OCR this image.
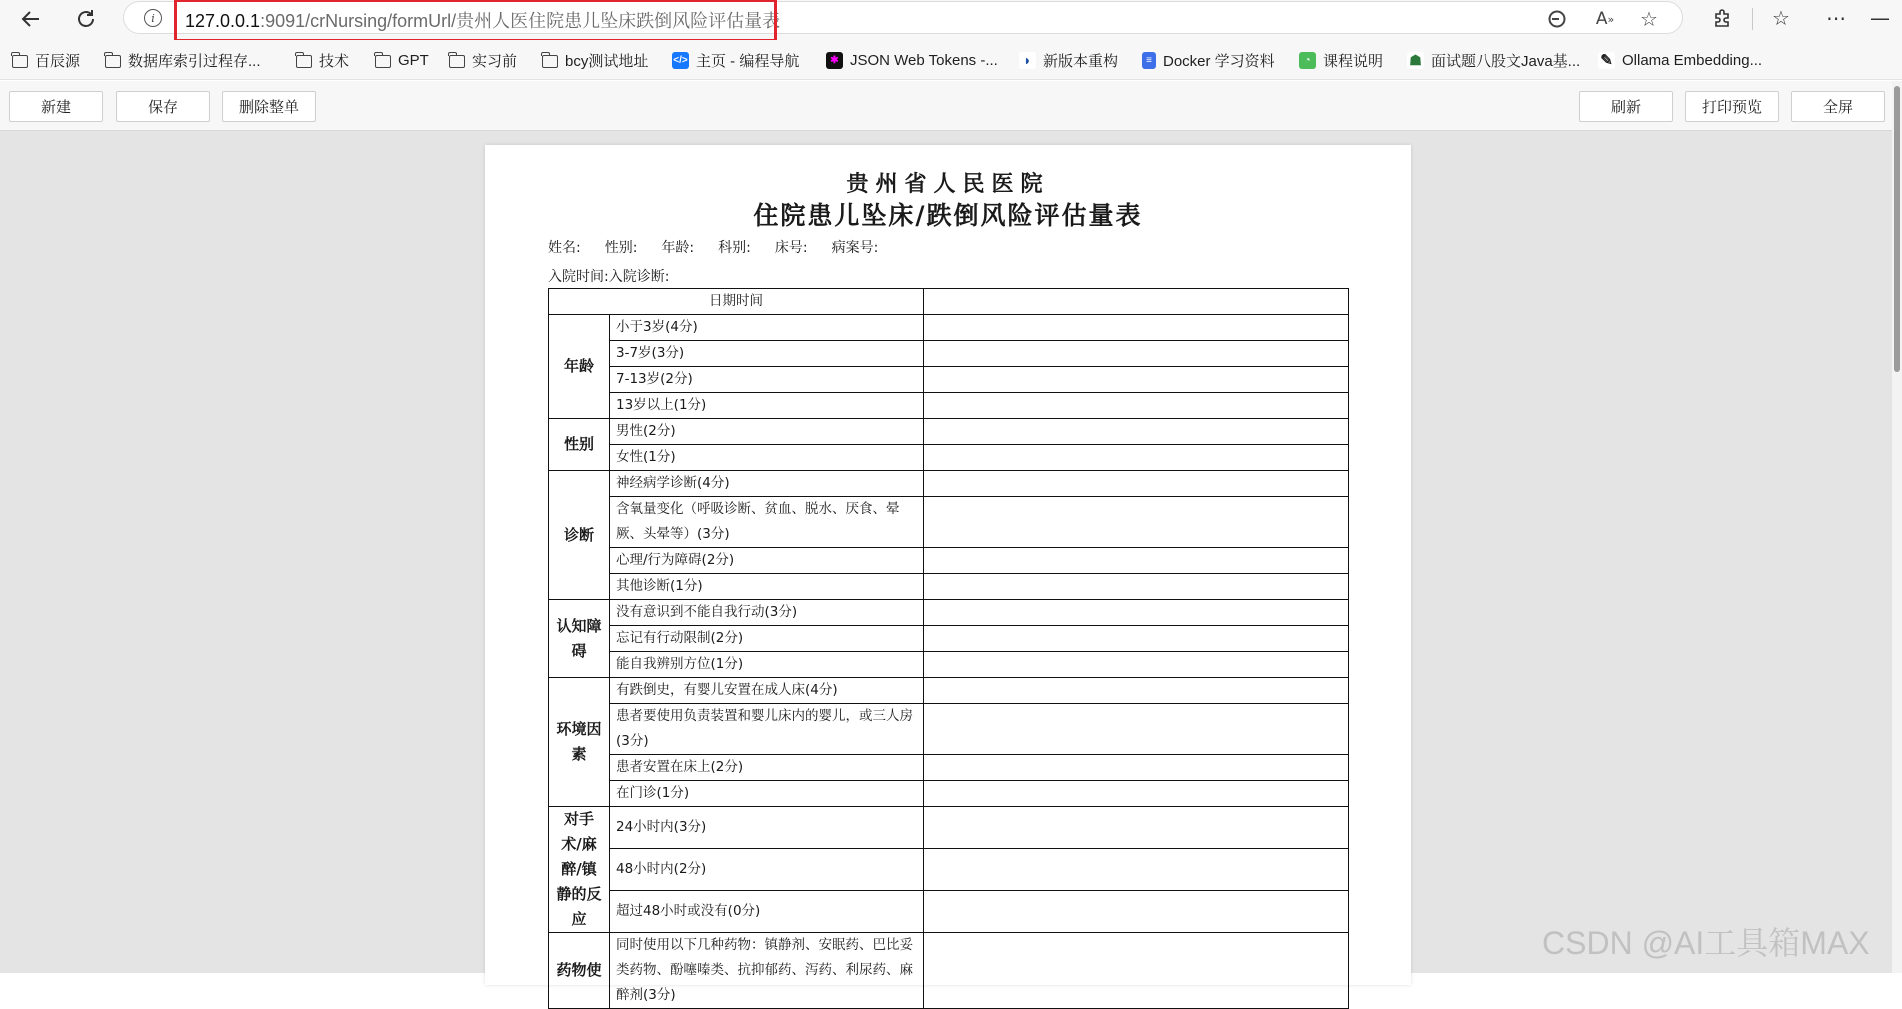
i	127.0.0.1:9091/crNursing/formUrl/贵州人医住院患儿坠床跌倒风险评估量表	A »	☆	☆	⋯	—
百辰源	数据库索引过程存...	技术	GPT	实习前	bcy测试地址 </> 主页 - 编程导航	✱ JSON Web Tokens -...	◗ 新版本重构	≡ Docker 学习资料	◔ 课程说明 ☗ 面试题八股文Java基... ✎ Ollama Embedding...
新建	保存	删除整单	刷新	打印预览	全屏
贵州省人民医院
住院患儿坠床/跌倒风险评估量表
姓名: 性别: 年龄: 科别: 床号: 病案号:
入院时间:入院诊断:
日期时间		
年龄	小于3岁(4分)	
	3-7岁(3分)	
	7-13岁(2分)	
	13岁以上(1分)	
性别	男性(2分)	
	女性(1分)	
诊断	神经病学诊断(4分)	
	含氧量变化（呼吸诊断、贫血、脱水、厌食、晕厥、头晕等）(3分)	
	心理/行为障碍(2分)	
	其他诊断(1分)	
认知障碍	没有意识到不能自我行动(3分)	
	忘记有行动限制(2分)	
	能自我辨别方位(1分)	
环境因素	有跌倒史，有婴儿安置在成人床(4分)	
	患者要使用负责装置和婴儿床内的婴儿，或三人房(3分)	
	患者安置在床上(2分)	
	在门诊(1分)	
对手术/麻醉/镇静的反应	24小时内(3分)	
	48小时内(2分)	
	超过48小时或没有(0分)	
药物使	同时使用以下几种药物：镇静剂、安眠药、巴比妥类药物、酚噻嗪类、抗抑郁药、泻药、利尿药、麻醉剂(3分)	
CSDN @AI工具箱MAX
